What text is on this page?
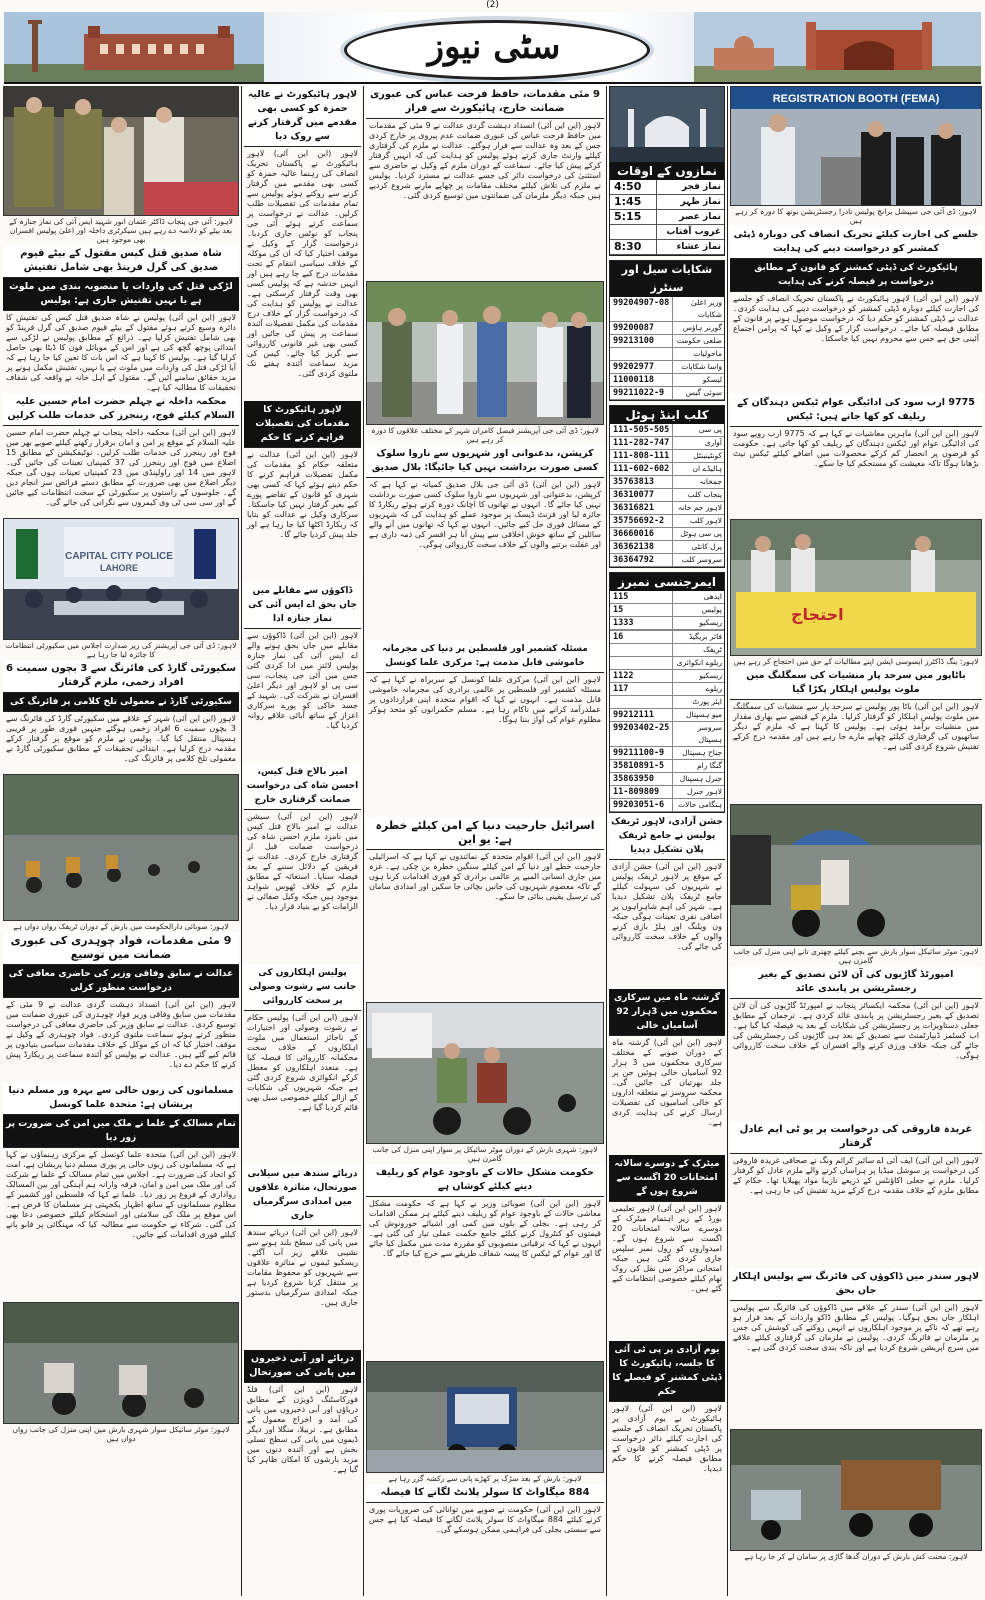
(2)
سٹی نیوز
لاہور: آئی جی پنجاب ڈاکٹر عثمان انور شہید ایس آئی کی نماز جنازہ کے بعد بیٹے کو دلاسہ دے رہے ہیں سیکرٹری داخلہ اور اعلیٰ پولیس افسران بھی موجود ہیں
شاہ صدیق قتل کیس مقتول کے بیٹے قیوم صدیق کی گرل فرینڈ بھی شامل تفتیش
لڑکی قتل کی واردات یا منصوبہ بندی میں ملوث ہے یا نہیں تفتیش جاری ہے: پولیس
لاہور (این این آئی) پولیس نے شاہ صدیق قتل کیس کی تفتیش کا دائرہ وسیع کرتے ہوئے مقتول کے بیٹے قیوم صدیق کی گرل فرینڈ کو بھی شامل تفتیش کرلیا ہے۔ ذرائع کے مطابق پولیس نے لڑکی سے ابتدائی پوچھ گچھ کی ہے اور اس کے موبائل فون کا ڈیٹا بھی حاصل کرلیا گیا ہے۔ پولیس کا کہنا ہے کہ اس بات کا تعین کیا جا رہا ہے کہ آیا لڑکی قتل کی واردات میں ملوث ہے یا نہیں، تفتیش مکمل ہونے پر مزید حقائق سامنے آئیں گے۔ مقتول کے اہل خانہ نے واقعہ کی شفاف تحقیقات کا مطالبہ کیا ہے۔
محکمہ داخلہ نے چہلم حضرت امام حسین علیہ السلام کیلئے فوج، رینجرز کی خدمات طلب کرلیں
لاہور (این این آئی) محکمہ داخلہ پنجاب نے چہلم حضرت امام حسین علیہ السلام کے موقع پر امن و امان برقرار رکھنے کیلئے صوبے بھر میں فوج اور رینجرز کی خدمات طلب کرلیں۔ نوٹیفکیشن کے مطابق 15 اضلاع میں فوج اور رینجرز کی 37 کمپنیاں تعینات کی جائیں گی۔ لاہور میں 14 اور راولپنڈی میں 23 کمپنیاں تعینات ہوں گی جبکہ دیگر اضلاع میں بھی ضرورت کے مطابق دستے فرائض سر انجام دیں گے۔ جلوسوں کے راستوں پر سکیورٹی کے سخت انتظامات کیے جائیں گے اور سی سی ٹی وی کیمروں سے نگرانی کی جائے گی۔
CAPITAL CITY POLICE
LAHORE
لاہور: ڈی آئی جی آپریشنز کی زیر صدارت اجلاس میں سکیورٹی انتظامات کا جائزہ لیا جا رہا ہے
سکیورٹی گارڈ کی فائرنگ سے 3 بچوں سمیت 6 افراد زخمی، ملزم گرفتار
سکیورٹی گارڈ نے معمولی تلخ کلامی پر فائرنگ کی
لاہور (این این آئی) شہر کے علاقے میں سکیورٹی گارڈ کی فائرنگ سے 3 بچوں سمیت 6 افراد زخمی ہوگئے جنہیں فوری طور پر قریبی ہسپتال منتقل کیا گیا۔ پولیس نے ملزم کو موقع پر گرفتار کرکے مقدمہ درج کرلیا ہے۔ ابتدائی تحقیقات کے مطابق سکیورٹی گارڈ نے معمولی تلخ کلامی پر فائرنگ کی۔
لاہور: صوبائی دارالحکومت میں بارش کے دوران ٹریفک رواں دواں ہے
9 مئی مقدمات، فواد چوہدری کی عبوری ضمانت میں توسیع
عدالت نے سابق وفاقی وزیر کی حاضری معافی کی درخواست منظور کرلی
لاہور (این این آئی) انسداد دہشت گردی عدالت نے 9 مئی کے مقدمات میں سابق وفاقی وزیر فواد چوہدری کی عبوری ضمانت میں توسیع کردی۔ عدالت نے سابق وزیر کی حاضری معافی کی درخواست منظور کرتے ہوئے سماعت ملتوی کردی۔ فواد چوہدری کے وکیل نے موقف اختیار کیا کہ ان کے موکل کے خلاف مقدمات سیاسی بنیادوں پر قائم کیے گئے ہیں۔ عدالت نے پولیس کو آئندہ سماعت پر ریکارڈ پیش کرنے کا حکم دے دیا۔
مسلمانوں کی زبوں حالی سے بہرہ ور مسلم دنیا پریشان ہے: متحدہ علما کونسل
تمام مسالک کے علما نے ملک میں امن کی ضرورت پر زور دیا
لاہور (این این آئی) متحدہ علما کونسل کے مرکزی رہنماؤں نے کہا ہے کہ مسلمانوں کی زبوں حالی پر پوری مسلم دنیا پریشان ہے، امت کو اتحاد کی ضرورت ہے۔ اجلاس میں تمام مسالک کے علما نے شرکت کی اور ملک میں امن و امان، فرقہ وارانہ ہم آہنگی اور بین المسالک رواداری کے فروغ پر زور دیا۔ علما نے کہا کہ فلسطین اور کشمیر کے مظلوم مسلمانوں کے ساتھ اظہار یکجہتی ہر مسلمان کا فرض ہے۔ اس موقع پر ملک کی سلامتی اور استحکام کیلئے خصوصی دعا بھی کی گئی۔ شرکاء نے حکومت سے مطالبہ کیا کہ مہنگائی پر قابو پانے کیلئے فوری اقدامات کیے جائیں۔
لاہور: موٹر سائیکل سوار شہری بارش میں اپنی منزل کی جانب رواں دواں ہیں
لاہور ہائیکورٹ نے عالیہ حمزہ کو کسی بھی مقدمے میں گرفتار کرنے سے روک دیا
لاہور (این این آئی) لاہور ہائیکورٹ نے پاکستان تحریک انصاف کی رہنما عالیہ حمزہ کو کسی بھی مقدمے میں گرفتار کرنے سے روکتے ہوئے پولیس سے تمام مقدمات کی تفصیلات طلب کرلیں۔ عدالت نے درخواست پر سماعت کرتے ہوئے آئی جی پنجاب کو نوٹس جاری کردیا۔ درخواست گزار کے وکیل نے موقف اختیار کیا کہ ان کی موکلہ کے خلاف سیاسی انتقام کے تحت مقدمات درج کیے جا رہے ہیں اور انہیں خدشہ ہے کہ پولیس کسی بھی وقت گرفتار کرسکتی ہے۔ عدالت نے پولیس کو ہدایت کی کہ درخواست گزار کے خلاف درج مقدمات کی مکمل تفصیلات آئندہ سماعت پر پیش کی جائیں اور کسی بھی غیر قانونی کارروائی سے گریز کیا جائے۔ کیس کی مزید سماعت آئندہ ہفتے تک ملتوی کردی گئی۔
لاہور ہائیکورٹ کا مقدمات کی تفصیلات فراہم کرنے کا حکم
لاہور (این این آئی) عدالت نے متعلقہ حکام کو مقدمات کی مکمل تفصیلات فراہم کرنے کا حکم دیتے ہوئے کہا کہ کسی بھی شہری کو قانون کے تقاضے پورے کیے بغیر گرفتار نہیں کیا جاسکتا۔ سرکاری وکیل نے عدالت کو بتایا کہ ریکارڈ اکٹھا کیا جا رہا ہے اور جلد پیش کردیا جائے گا۔
ڈاکوؤں سے مقابلے میں جاں بحق اے ایس آئی کی نماز جنازہ ادا
لاہور (این این آئی) ڈاکوؤں سے مقابلے میں جاں بحق ہونے والے اے ایس آئی کی نماز جنازہ پولیس لائنز میں ادا کردی گئی جس میں آئی جی پنجاب، سی سی پی او لاہور اور دیگر اعلیٰ افسران نے شرکت کی۔ شہید کے جسد خاکی کو پورے سرکاری اعزاز کے ساتھ آبائی علاقے روانہ کردیا گیا۔
امیر بالاج قتل کیس، احسن شاہ کی درخواست ضمانت گرفتاری خارج
لاہور (این این آئی) سیشن عدالت نے امیر بالاج قتل کیس میں نامزد ملزم احسن شاہ کی درخواست ضمانت قبل از گرفتاری خارج کردی۔ عدالت نے فریقین کے دلائل سننے کے بعد فیصلہ سنایا۔ استغاثہ کے مطابق ملزم کے خلاف ٹھوس شواہد موجود ہیں جبکہ وکیل صفائی نے الزامات کو بے بنیاد قرار دیا۔
پولیس اہلکاروں کی جانب سے رشوت وصولی پر سخت کارروائی
لاہور (این این آئی) پولیس حکام نے رشوت وصولی اور اختیارات کے ناجائز استعمال میں ملوث اہلکاروں کے خلاف سخت محکمانہ کارروائی کا فیصلہ کیا ہے۔ متعدد اہلکاروں کو معطل کرکے انکوائری شروع کردی گئی ہے جبکہ شہریوں کی شکایات کے ازالے کیلئے خصوصی سیل بھی قائم کردیا گیا ہے۔
دریائے سندھ میں سیلابی صورتحال، متاثرہ علاقوں میں امدادی سرگرمیاں جاری
لاہور (این این آئی) دریائے سندھ میں پانی کی سطح بلند ہونے سے نشیبی علاقے زیر آب آگئے۔ ریسکیو ٹیموں نے متاثرہ علاقوں سے شہریوں کو محفوظ مقامات پر منتقل کرنا شروع کردیا ہے جبکہ امدادی سرگرمیاں بدستور جاری ہیں۔
دریائے اور آبی ذخیروں میں پانی کی صورتحال
لاہور (این این آئی) فلڈ فورکاسٹنگ ڈویژن کے مطابق دریاؤں اور آبی ذخیروں میں پانی کی آمد و اخراج معمول کے مطابق ہے۔ تربیلا، منگلا اور دیگر ڈیموں میں پانی کی سطح تسلی بخش ہے اور آئندہ دنوں میں مزید بارشوں کا امکان ظاہر کیا گیا ہے۔
9 مئی مقدمات، حافظ فرحت عباس کی عبوری ضمانت خارج، ہائیکورٹ سے فرار
لاہور (این این آئی) انسداد دہشت گردی عدالت نے 9 مئی کے مقدمات میں حافظ فرحت عباس کی عبوری ضمانت عدم پیروی پر خارج کردی جس کے بعد وہ عدالت سے فرار ہوگئے۔ عدالت نے ملزم کی گرفتاری کیلئے وارنٹ جاری کرتے ہوئے پولیس کو ہدایت کی کہ انہیں گرفتار کرکے پیش کیا جائے۔ سماعت کے دوران ملزم کے وکیل نے حاضری سے استثنیٰ کی درخواست دائر کی جسے عدالت نے مسترد کردیا۔ پولیس نے ملزم کی تلاش کیلئے مختلف مقامات پر چھاپے مارنے شروع کردیے ہیں جبکہ دیگر ملزمان کی ضمانتوں میں توسیع کردی گئی۔
لاہور: ڈی آئی جی آپریشنز فیصل کامران شہر کے مختلف علاقوں کا دورہ کر رہے ہیں
کرپشن، بدعنوانی اور شہریوں سے ناروا سلوک کسی صورت برداشت نہیں کیا جائیگا: بلال صدیق
لاہور (این این آئی) ڈی آئی جی بلال صدیق کمیانہ نے کہا ہے کہ کرپشن، بدعنوانی اور شہریوں سے ناروا سلوک کسی صورت برداشت نہیں کیا جائے گا۔ انہوں نے تھانوں کا اچانک دورہ کرتے ہوئے ریکارڈ کا جائزہ لیا اور فرنٹ ڈیسک پر موجود عملے کو ہدایت کی کہ شہریوں کے مسائل فوری حل کیے جائیں۔ انہوں نے کہا کہ تھانوں میں آنے والے سائلین کے ساتھ خوش اخلاقی سے پیش آنا ہر افسر کی ذمہ داری ہے اور غفلت برتنے والوں کے خلاف سخت کارروائی ہوگی۔
مسئلہ کشمیر اور فلسطین پر دنیا کی مجرمانہ خاموشی قابل مذمت ہے: مرکزی علما کونسل
لاہور (این این آئی) مرکزی علما کونسل کے سربراہ نے کہا ہے کہ مسئلہ کشمیر اور فلسطین پر عالمی برادری کی مجرمانہ خاموشی قابل مذمت ہے۔ انہوں نے کہا کہ اقوام متحدہ اپنی قراردادوں پر عملدرآمد کرانے میں ناکام رہا ہے۔ مسلم حکمرانوں کو متحد ہوکر مظلوم عوام کی آواز بننا ہوگا۔
اسرائیل جارحیت دنیا کے امن کیلئے خطرہ ہے: یو این
لاہور (این این آئی) اقوام متحدہ کے نمائندوں نے کہا ہے کہ اسرائیلی جارحیت خطے اور دنیا کے امن کیلئے سنگین خطرہ بن چکی ہے۔ غزہ میں جاری انسانی المیے پر عالمی برادری کو فوری اقدامات کرنا ہوں گے تاکہ معصوم شہریوں کی جانیں بچائی جا سکیں اور امدادی سامان کی ترسیل یقینی بنائی جا سکے۔
لاہور: شہری بارش کے دوران موٹر سائیکل پر سوار اپنی منزل کی جانب گامزن ہیں
حکومت مشکل حالات کے باوجود عوام کو ریلیف دینے کیلئے کوشاں ہے
لاہور (این این آئی) صوبائی وزیر نے کہا ہے کہ حکومت مشکل معاشی حالات کے باوجود عوام کو ریلیف دینے کیلئے ہر ممکن اقدامات کر رہی ہے۔ بجلی کے بلوں میں کمی اور اشیائے خورونوش کی قیمتوں کو کنٹرول کرنے کیلئے جامع حکمت عملی تیار کی گئی ہے۔ انہوں نے کہا کہ ترقیاتی منصوبوں کو مقررہ مدت میں مکمل کیا جائے گا اور عوام کے ٹیکس کا پیسہ شفاف طریقے سے خرچ کیا جائے گا۔
لاہور: بارش کے بعد سڑک پر کھڑے پانی سے رکشہ گزر رہا ہے
884 میگاواٹ کا سولر پلانٹ لگانے کا فیصلہ
لاہور (این این آئی) حکومت نے صوبے میں توانائی کی ضروریات پوری کرنے کیلئے 884 میگاواٹ کا سولر پلانٹ لگانے کا فیصلہ کیا ہے جس سے سستی بجلی کی فراہمی ممکن ہوسکے گی۔
نمازوں کے اوقات
4:50	نماز فجر
1:45	نماز ظہر
5:15	نماز عصر
غروب آفتاب
8:30	نماز عشاء
شکایات سیل اور سنٹرز
99204907-08	وزیر اعلیٰ شکایات
99200087	گورنر ہاؤس
99213100	ضلعی حکومت
ماحولیات
99202977	واسا شکایات
11000118	لیسکو
99211022-9	سوئی گیس
کلب اینڈ ہوٹل
111-505-505	پی سی
111-282-747	آواری
111-808-111	کونٹینینٹل
111-602-602	ہالیڈے ان
35763813	جمخانہ
36310077	پنجاب کلب
36316821	لاہور جم خانہ
35756692-2	لاہور کلب
36660016	پی سی ہوٹل
36362138	پرل کانٹی
36364792	سروسز کلب
ایمرجنسی نمبرز
115	ایدھی
15	پولیس
1333	ریسکیو
16	فائر بریگیڈ
ٹریفک
ریلوے انکوائری
1122	ریسکیو
117	ریلوے
ایئر پورٹ
99212111	میو ہسپتال
99203402-25	سروسز ہسپتال
99211100-9	جناح ہسپتال
35810891-5	گنگا رام
35863950	جنرل ہسپتال
11-809809	لاہور جنرل
99203051-6	ہنگامی حالات
جشن آزادی، لاہور ٹریفک پولیس نے جامع ٹریفک پلان تشکیل دیدیا
لاہور (این این آئی) جشن آزادی کے موقع پر لاہور ٹریفک پولیس نے شہریوں کی سہولت کیلئے جامع ٹریفک پلان تشکیل دیدیا ہے۔ شہر کی اہم شاہراہوں پر اضافی نفری تعینات ہوگی جبکہ ون ویلنگ اور ہلڑ بازی کرنے والوں کے خلاف سخت کارروائی کی جائے گی۔
گرشتہ ماہ میں سرکاری محکموں میں 3ہزار 92 آسامیاں خالی
لاہور (این این آئی) گزشتہ ماہ کے دوران صوبے کے مختلف سرکاری محکموں میں 3 ہزار 92 آسامیاں خالی ہوئیں جن پر جلد بھرتیاں کی جائیں گی۔ محکمہ سروسز نے متعلقہ اداروں کو خالی آسامیوں کی تفصیلات ارسال کرنے کی ہدایت کردی ہے۔
میٹرک کے دوسرے سالانہ امتحانات 20 اگست سے شروع ہوں گے
لاہور (این این آئی) لاہور تعلیمی بورڈ کے زیر اہتمام میٹرک کے دوسرے سالانہ امتحانات 20 اگست سے شروع ہوں گے۔ امیدواروں کو رول نمبر سلپس جاری کردی گئی ہیں جبکہ امتحانی مراکز میں نقل کی روک تھام کیلئے خصوصی انتظامات کیے گئے ہیں۔
یوم آزادی پر پی ٹی آئی کا جلسہ، ہائیکورٹ کا ڈپٹی کمشنر کو فیصلے کا حکم
لاہور (این این آئی) لاہور ہائیکورٹ نے یوم آزادی پر پاکستان تحریک انصاف کے جلسے کی اجازت کیلئے دائر درخواست پر ڈپٹی کمشنر کو قانون کے مطابق فیصلہ کرنے کا حکم دیدیا۔
REGISTRATION BOOTH (FEMA)
لاہور: ڈی آئی جی سپیشل برانچ پولیس نادرا رجسٹریشن بوتھ کا دورہ کر رہے ہیں
جلسے کی اجازت کیلئے تحریک انصاف کی دوبارہ ڈپٹی کمشنر کو درخواست دینے کی ہدایت
ہائیکورٹ کی ڈپٹی کمشنر کو قانون کے مطابق درخواست پر فیصلہ کرنے کی ہدایت
لاہور (این این آئی) لاہور ہائیکورٹ نے پاکستان تحریک انصاف کو جلسے کی اجازت کیلئے دوبارہ ڈپٹی کمشنر کو درخواست دینے کی ہدایت کردی۔ عدالت نے ڈپٹی کمشنر کو حکم دیا کہ درخواست موصول ہونے پر قانون کے مطابق فیصلہ کیا جائے۔ درخواست گزار کے وکیل نے کہا کہ پرامن اجتماع آئینی حق ہے جس سے محروم نہیں کیا جاسکتا۔
9775 ارب سود کی ادائیگی عوام ٹیکس دہندگان کے ریلیف کو کھا جاتے ہیں: ٹیکس
لاہور (این این آئی) ماہرین معاشیات نے کہا ہے کہ 9775 ارب روپے سود کی ادائیگی عوام اور ٹیکس دہندگان کے ریلیف کو کھا جاتی ہے۔ حکومت کو قرضوں پر انحصار کم کرکے محصولات میں اضافے کیلئے ٹیکس نیٹ بڑھانا ہوگا تاکہ معیشت کو مستحکم کیا جا سکے۔
احتجاج
لاہور: ینگ ڈاکٹرز ایسوسی ایشن اپنے مطالبات کے حق میں احتجاج کر رہے ہیں
باٹاپور میں سرحد پار منشیات کی سمگلنگ میں ملوث پولیس اہلکار پکڑا گیا
لاہور (این این آئی) باٹا پور پولیس نے سرحد پار سے منشیات کی سمگلنگ میں ملوث پولیس اہلکار کو گرفتار کرلیا۔ ملزم کے قبضے سے بھاری مقدار میں منشیات برآمد ہوئی ہے۔ پولیس کا کہنا ہے کہ ملزم کے دیگر ساتھیوں کی گرفتاری کیلئے چھاپے مارے جا رہے ہیں اور مقدمہ درج کرکے تفتیش شروع کردی گئی ہے۔
لاہور: موٹر سائیکل سوار بارش سے بچنے کیلئے چھتری تانے اپنی منزل کی جانب گامزن ہیں
امپورٹڈ گاڑیوں کی آن لائن تصدیق کے بغیر رجسٹریشن پر پابندی عائد
لاہور (این این آئی) محکمہ ایکسائز پنجاب نے امپورٹڈ گاڑیوں کی آن لائن تصدیق کے بغیر رجسٹریشن پر پابندی عائد کردی ہے۔ ترجمان کے مطابق جعلی دستاویزات پر رجسٹریشن کی شکایات کے بعد یہ فیصلہ کیا گیا ہے۔ اب کسٹمز ڈیپارٹمنٹ سے تصدیق کے بعد ہی گاڑیوں کی رجسٹریشن کی جائے گی جبکہ خلاف ورزی کرنے والے افسران کے خلاف سخت کارروائی ہوگی۔
غریدہ فاروقی کی درخواست پر یو ٹی ایم عادل گرفتار
لاہور (این این آئی) ایف آئی اے سائبر کرائم ونگ نے صحافی غریدہ فاروقی کی درخواست پر سوشل میڈیا پر ہراساں کرنے والے ملزم عادل کو گرفتار کرلیا۔ ملزم نے جعلی اکاؤنٹس کے ذریعے نازیبا مواد پھیلایا تھا۔ حکام کے مطابق ملزم کے خلاف مقدمہ درج کرکے مزید تفتیش کی جا رہی ہے۔
لاہور سندر میں ڈاکوؤں کی فائرنگ سے پولیس اہلکار جاں بحق
لاہور (این این آئی) سندر کے علاقے میں ڈاکوؤں کی فائرنگ سے پولیس اہلکار جاں بحق ہوگیا۔ پولیس کے مطابق ڈاکو واردات کے بعد فرار ہو رہے تھے کہ ناکے پر موجود اہلکاروں نے انہیں روکنے کی کوشش کی جس پر ملزمان نے فائرنگ کردی۔ پولیس نے ملزمان کی گرفتاری کیلئے علاقے میں سرچ آپریشن شروع کردیا ہے اور ناکہ بندی سخت کردی گئی ہے۔
لاہور: محنت کش بارش کے دوران گدھا گاڑی پر سامان لے کر جا رہا ہے
